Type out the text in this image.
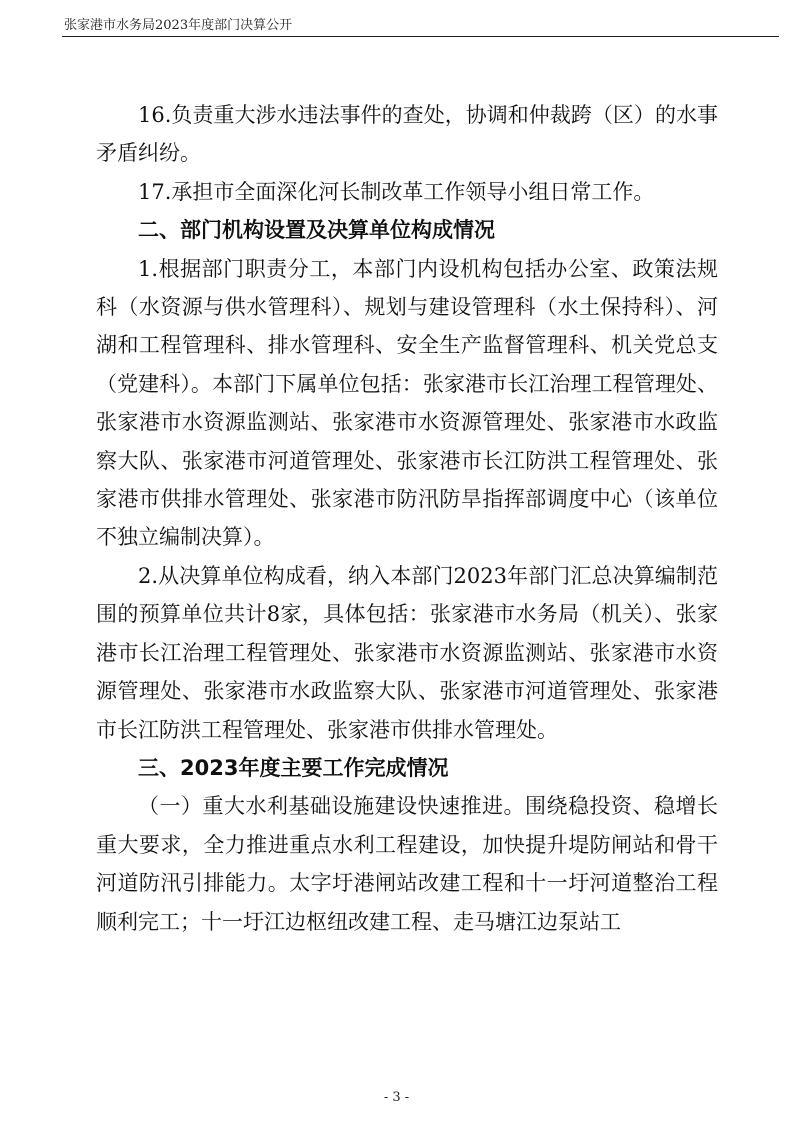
张家港市水务局2023年度部门决算公开

16.负责重大涉水违法事件的查处，协调和仲裁跨（区）的水事矛盾纠纷。

17.承担市全面深化河长制改革工作领导小组日常工作。

二、部门机构设置及决算单位构成情况

1.根据部门职责分工，本部门内设机构包括办公室、政策法规科（水资源与供水管理科）、规划与建设管理科（水土保持科）、河湖和工程管理科、排水管理科、安全生产监督管理科、机关党总支（党建科）。本部门下属单位包括：张家港市长江治理工程管理处、张家港市水资源监测站、张家港市水资源管理处、张家港市水政监察大队、张家港市河道管理处、张家港市长江防洪工程管理处、张家港市供排水管理处、张家港市防汛防旱指挥部调度中心（该单位不独立编制决算）。

2.从决算单位构成看，纳入本部门2023年部门汇总决算编制范围的预算单位共计8家，具体包括：张家港市水务局（机关）、张家港市长江治理工程管理处、张家港市水资源监测站、张家港市水资源管理处、张家港市水政监察大队、张家港市河道管理处、张家港市长江防洪工程管理处、张家港市供排水管理处。

三、2023年度主要工作完成情况

（一）重大水利基础设施建设快速推进。围绕稳投资、稳增长重大要求，全力推进重点水利工程建设，加快提升堤防闸站和骨干河道防汛引排能力。太字圩港闸站改建工程和十一圩河道整治工程顺利完工；十一圩江边枢纽改建工程、走马塘江边泵站工

- 3 -
